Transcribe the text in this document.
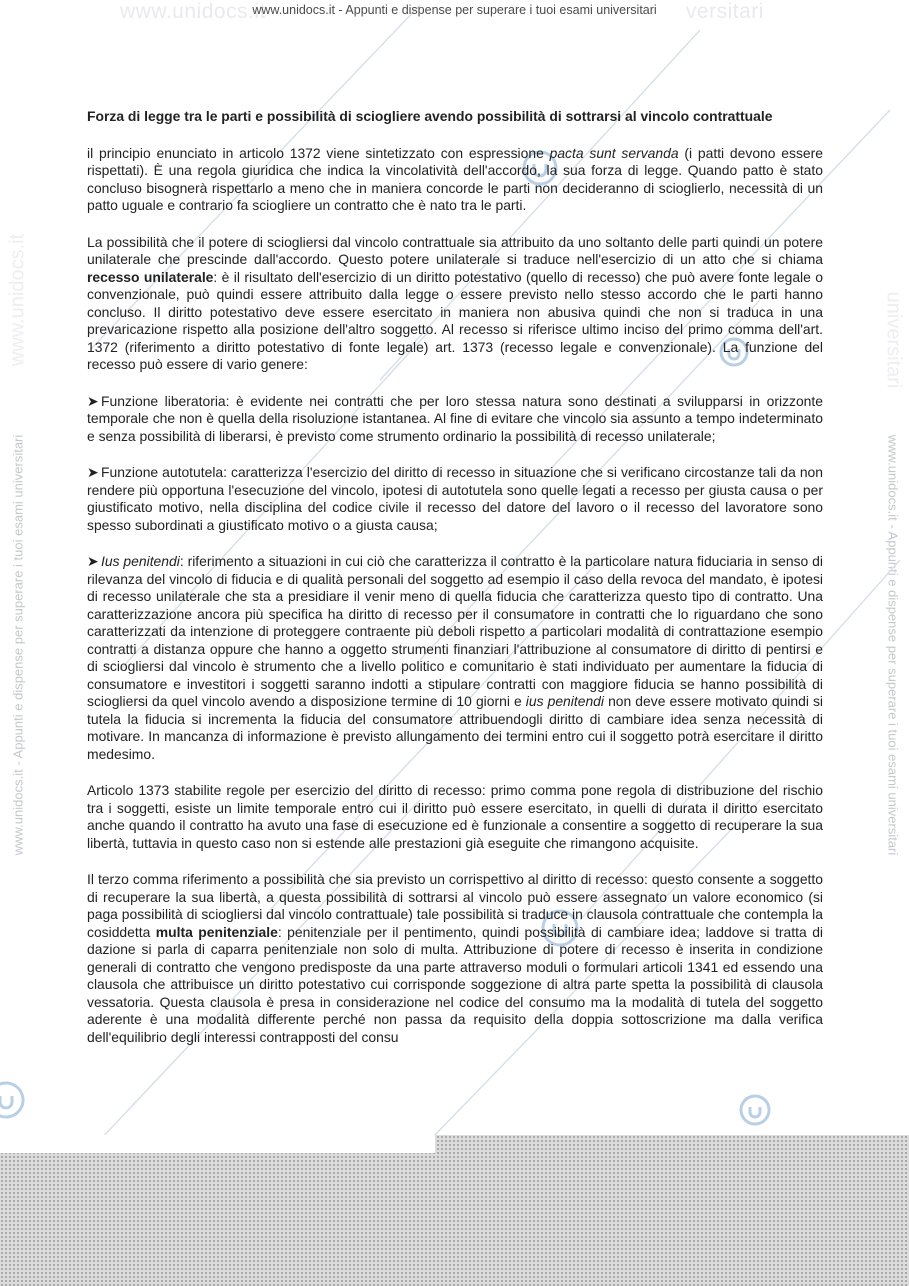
www.unidocs.it	versitari
www.unidocs.it - Appunti e dispense per superare i tuoi esami universitari
www.unidocs.it	universitari
www.unidocs.it - Appunti e dispense per superare i tuoi esami universitari	www.unidocs.it - Appunti e dispense per superare i tuoi esami universitari
Forza di legge tra le parti e possibilità di sciogliere avendo possibilità di sottrarsi al vincolo contrattuale

il principio enunciato in articolo 1372 viene sintetizzato con espressione pacta sunt servanda (i patti devono essere rispettati). È una regola giuridica che indica la vincolatività dell'accordo, la sua forza di legge. Quando patto è stato concluso bisognerà rispettarlo a meno che in maniera concorde le parti non decideranno di scioglierlo, necessità di un patto uguale e contrario fa sciogliere un contratto che è nato tra le parti.

La possibilità che il potere di sciogliersi dal vincolo contrattuale sia attribuito da uno soltanto delle parti quindi un potere unilaterale che prescinde dall'accordo. Questo potere unilaterale si traduce nell'esercizio di un atto che si chiama recesso unilaterale: è il risultato dell'esercizio di un diritto potestativo (quello di recesso) che può avere fonte legale o convenzionale, può quindi essere attribuito dalla legge o essere previsto nello stesso accordo che le parti hanno concluso. Il diritto potestativo deve essere esercitato in maniera non abusiva quindi che non si traduca in una prevaricazione rispetto alla posizione dell'altro soggetto. Al recesso si riferisce ultimo inciso del primo comma dell'art. 1372 (riferimento a diritto potestativo di fonte legale) art. 1373 (recesso legale e convenzionale). La funzione del recesso può essere di vario genere:

➤ Funzione liberatoria: è evidente nei contratti che per loro stessa natura sono destinati a svilupparsi in orizzonte temporale che non è quella della risoluzione istantanea. Al fine di evitare che vincolo sia assunto a tempo indeterminato e senza possibilità di liberarsi, è previsto come strumento ordinario la possibilità di recesso unilaterale;

➤ Funzione autotutela: caratterizza l'esercizio del diritto di recesso in situazione che si verificano circostanze tali da non rendere più opportuna l'esecuzione del vincolo, ipotesi di autotutela sono quelle legati a recesso per giusta causa o per giustificato motivo, nella disciplina del codice civile il recesso del datore del lavoro o il recesso del lavoratore sono spesso subordinati a giustificato motivo o a giusta causa;

➤ Ius penitendi: riferimento a situazioni in cui ciò che caratterizza il contratto è la particolare natura fiduciaria in senso di rilevanza del vincolo di fiducia e di qualità personali del soggetto ad esempio il caso della revoca del mandato, è ipotesi di recesso unilaterale che sta a presidiare il venir meno di quella fiducia che caratterizza questo tipo di contratto. Una caratterizzazione ancora più specifica ha diritto di recesso per il consumatore in contratti che lo riguardano che sono caratterizzati da intenzione di proteggere contraente più deboli rispetto a particolari modalità di contrattazione esempio contratti a distanza oppure che hanno a oggetto strumenti finanziari l'attribuzione al consumatore di diritto di pentirsi e di sciogliersi dal vincolo è strumento che a livello politico e comunitario è stati individuato per aumentare la fiducia di consumatore e investitori i soggetti saranno indotti a stipulare contratti con maggiore fiducia se hanno possibilità di sciogliersi da quel vincolo avendo a disposizione termine di 10 giorni e ius penitendi non deve essere motivato quindi si tutela la fiducia si incrementa la fiducia del consumatore attribuendogli diritto di cambiare idea senza necessità di motivare. In mancanza di informazione è previsto allungamento dei termini entro cui il soggetto potrà esercitare il diritto medesimo.

Articolo 1373 stabilite regole per esercizio del diritto di recesso: primo comma pone regola di distribuzione del rischio tra i soggetti, esiste un limite temporale entro cui il diritto può essere esercitato, in quelli di durata il diritto esercitato anche quando il contratto ha avuto una fase di esecuzione ed è funzionale a consentire a soggetto di recuperare la sua libertà, tuttavia in questo caso non si estende alle prestazioni già eseguite che rimangono acquisite.

Il terzo comma riferimento a possibilità che sia previsto un corrispettivo al diritto di recesso: questo consente a soggetto di recuperare la sua libertà, a questa possibilità di sottrarsi al vincolo può essere assegnato un valore economico (si paga possibilità di sciogliersi dal vincolo contrattuale) tale possibilità si traduce in clausola contrattuale che contempla la cosiddetta multa penitenziale: penitenziale per il pentimento, quindi possibilità di cambiare idea; laddove si tratta di dazione si parla di caparra penitenziale non solo di multa. Attribuzione di potere di recesso è inserita in condizione generali di contratto che vengono predisposte da una parte attraverso moduli o formulari articoli 1341 ed essendo una clausola che attribuisce un diritto potestativo cui corrisponde soggezione di altra parte spetta la possibilità di clausola vessatoria. Questa clausola è presa in considerazione nel codice del consumo ma la modalità di tutela del soggetto aderente è una modalità differente perché non passa da requisito della doppia sottoscrizione ma dalla verifica dell'equilibrio degli interessi contrapposti del consu
